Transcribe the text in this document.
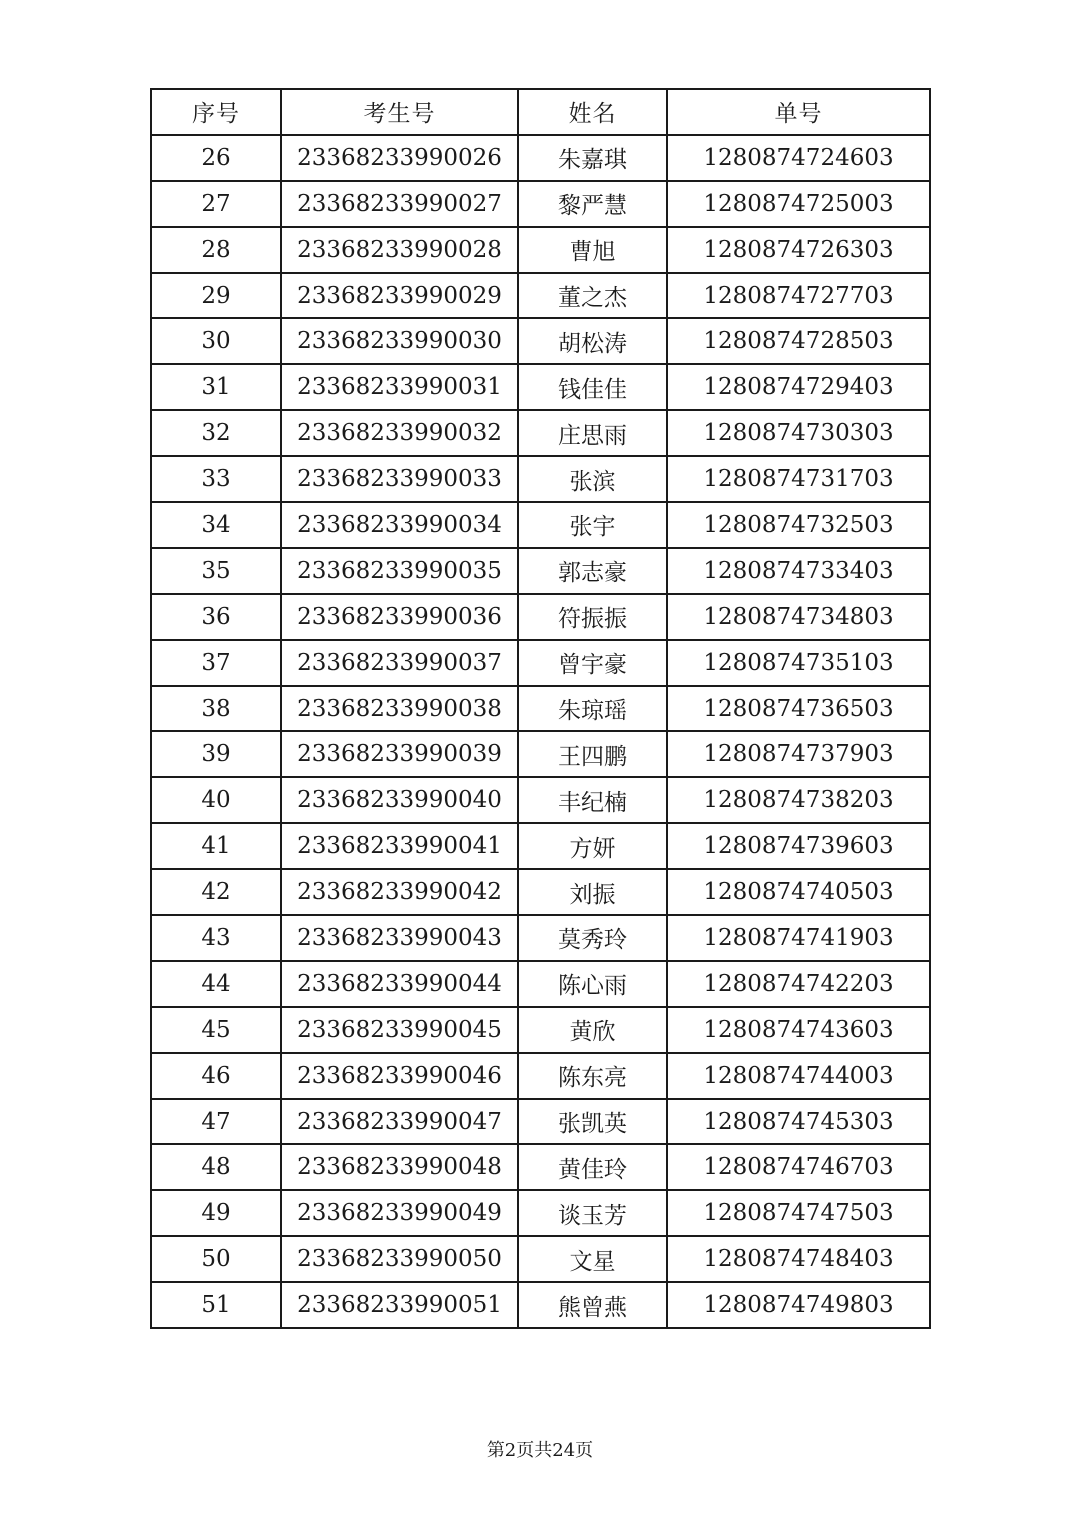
序号	考生号	姓名	单号
26	23368233990026	朱嘉琪	1280874724603
27	23368233990027	黎严慧	1280874725003
28	23368233990028	曹旭	1280874726303
29	23368233990029	董之杰	1280874727703
30	23368233990030	胡松涛	1280874728503
31	23368233990031	钱佳佳	1280874729403
32	23368233990032	庄思雨	1280874730303
33	23368233990033	张滨	1280874731703
34	23368233990034	张宇	1280874732503
35	23368233990035	郭志豪	1280874733403
36	23368233990036	符振振	1280874734803
37	23368233990037	曾宇豪	1280874735103
38	23368233990038	朱琼瑶	1280874736503
39	23368233990039	王四鹏	1280874737903
40	23368233990040	丰纪楠	1280874738203
41	23368233990041	方妍	1280874739603
42	23368233990042	刘振	1280874740503
43	23368233990043	莫秀玲	1280874741903
44	23368233990044	陈心雨	1280874742203
45	23368233990045	黄欣	1280874743603
46	23368233990046	陈东亮	1280874744003
47	23368233990047	张凯英	1280874745303
48	23368233990048	黄佳玲	1280874746703
49	23368233990049	谈玉芳	1280874747503
50	23368233990050	文星	1280874748403
51	23368233990051	熊曾燕	1280874749803
第2页共24页
